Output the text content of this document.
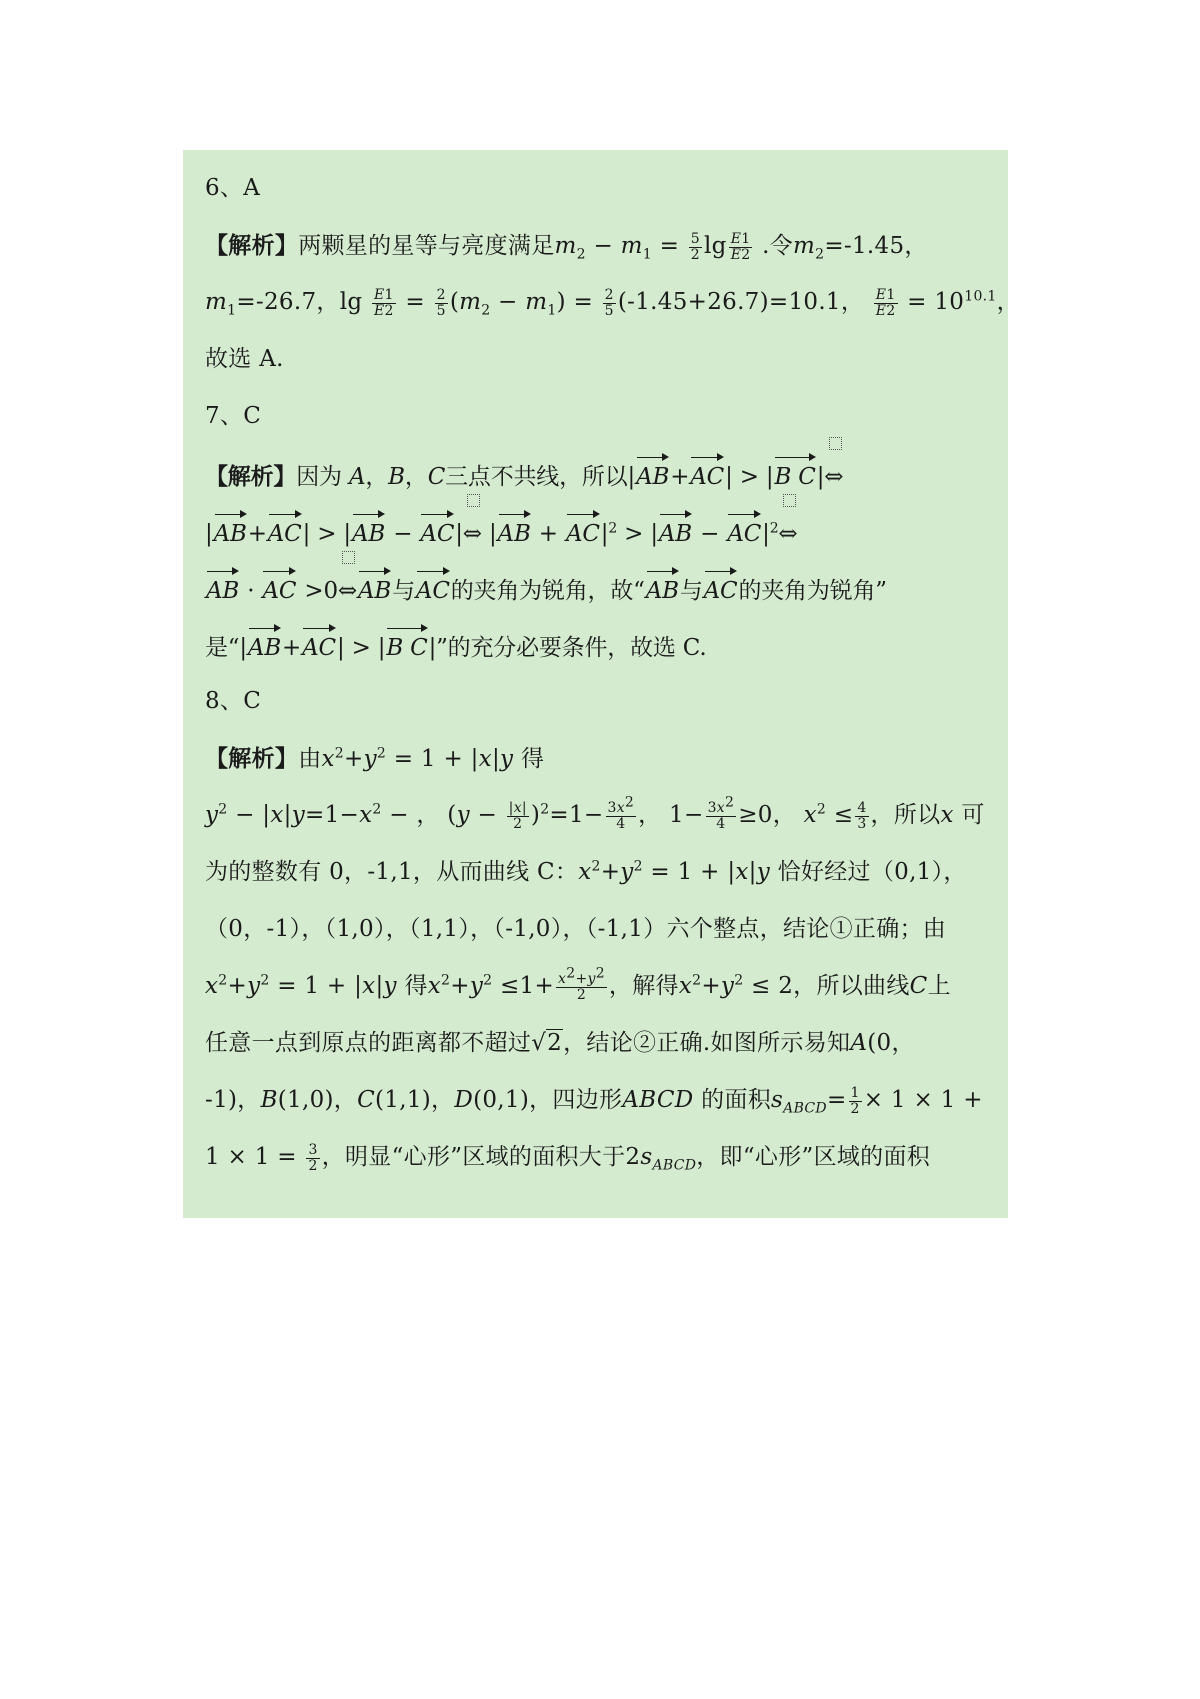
6、A
【解析】两颗星的星等与亮度满足$m_2 - m_1 = \frac{5}{2}$ $\lg \frac{E1}{E2}$ .令$m_2=-1.45$，
$m_1=-26.7$，$\lg \frac{E1}{E2} = \frac{2}{5} (m_2 - m_1) = \frac{2}{5} (-1.45+26.7)=10.1$， $\frac{E1}{E2} = 10^{10.1}$，
故选 A.
7、C
【解析】因为 A，B，C三点不共线，所以|AB+AC| > |B C|
⇔
|AB+AC| > |AB − AC|
⇔ $|AB + AC|^2 > |AB - AC|^2$
⇔
AB · AC >0
⇔AB与AC的夹角为锐角，故“AB与AC的夹角为锐角”
是“|AB+AC| > |B C|”的充分必要条件，故选 C.
8、C
【解析】由$x^2+y^2 = 1 + |x|y$ 得
$y^2 - |x|y=1-x^2$ − ， $(y - \frac{|x|}{2} )^2=1- \frac{3x^2}{4}$ ， $1- \frac{3x^2}{4} \ge 0$， $x^2 \le \frac{4}{3}$ ，所以x 可
为的整数有 0，-1,1，从而曲线 C：$x^2+y^2 = 1 + |x|y$ 恰好经过（0,1），
（0，-1），（1,0），（1,1），（-1,0），（-1,1）六个整点，结论①正确；由
$x^2+y^2 = 1 + |x|y$ 得$x^2+y^2 \le 1+ \frac{x^2+y^2}{2}$ ，解得$x^2+y^2 \le 2$，所以曲线C上
任意一点到原点的距离都不超过√2，结论②正确.如图所示易知A(0，
-1)，B(1,0)，C(1,1)，D(0,1)，四边形ABCD 的面积$s_{ABCD}= \frac{1}{2} \times 1 \times 1$ +
$1 \times 1 = \frac{3}{2}$ ，明显“心形”区域的面积大于$2s_{ABCD}$，即“心形”区域的面积
